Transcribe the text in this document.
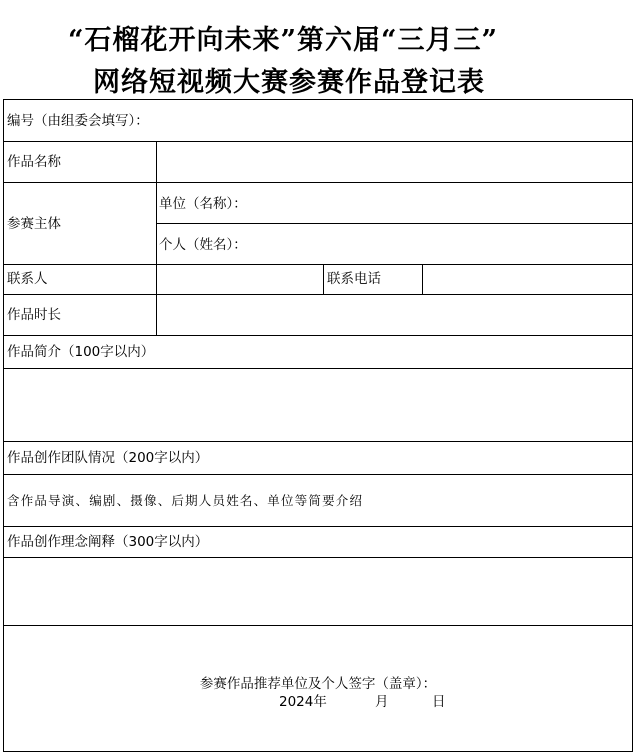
“石榴花开向未来”第六届“三月三”
网络短视频大赛参赛作品登记表
编号（由组委会填写）：
作品名称
参赛主体
单位（名称）：
个人（姓名）：
联系人	联系电话
作品时长
作品简介（100字以内）
作品创作团队情况（200字以内）
含作品导演、编剧、摄像、后期人员姓名、单位等简要介绍
作品创作理念阐释（300字以内）
参赛作品推荐单位及个人签字（盖章）：
2024年	月	日
